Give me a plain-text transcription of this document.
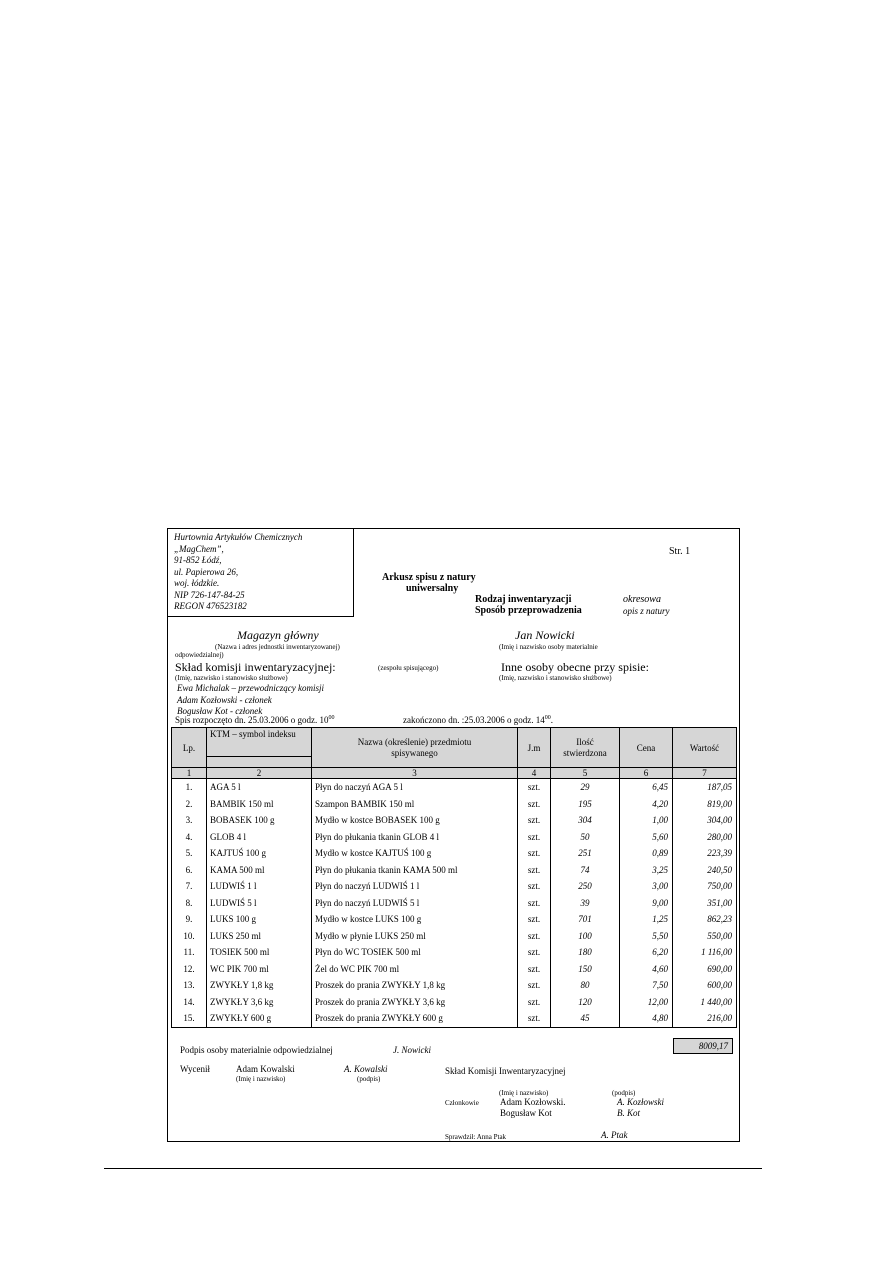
Hurtownia Artykułów Chemicznych
„MagChem”,
91-852 Łódź,
ul. Papierowa 26,
woj. łódzkie.
NIP 726-147-84-25
REGON 476523182
Str. 1
Arkusz spisu z natury
uniwersalny
Rodzaj inwentaryzacji	okresowa
Sposób przeprowadzenia	opis z natury
Magazyn główny
(Nazwa i adres jednostki inwentaryzowanej)
odpowiedzialnej)
Jan Nowicki
(Imię i nazwisko osoby materialnie
Skład komisji inwentaryzacyjnej:	(zespołu spisującego)
(Imię, nazwisko i stanowisko służbowe)
Inne osoby obecne przy spisie:
(Imię, nazwisko i stanowisko służbowe)
Ewa Michalak – przewodniczący komisji
Adam Kozłowski - członek
Bogusław Kot - członek
Spis rozpoczęto dn. 25.03.2006 o godz. $10^{00}$	zakończono dn. :25.03.2006 o godz. $14^{00}$.
Lp.	KTM – symbol indeksu	Nazwa (określenie) przedmiotu spisywanego	J.m	Ilość stwierdzona	Cena	Wartość

1	2	3	4	5	6	7
1.	AGA 5 l	Płyn do naczyń AGA 5 l	szt.	29	6,45	187,05
2.	BAMBIK 150 ml	Szampon BAMBIK 150 ml	szt.	195	4,20	819,00
3.	BOBASEK 100 g	Mydło w kostce BOBASEK 100 g	szt.	304	1,00	304,00
4.	GLOB 4 l	Płyn do płukania tkanin GLOB 4 l	szt.	50	5,60	280,00
5.	KAJTUŚ 100 g	Mydło w kostce KAJTUŚ 100 g	szt.	251	0,89	223,39
6.	KAMA 500 ml	Płyn do płukania tkanin KAMA 500 ml	szt.	74	3,25	240,50
7.	LUDWIŚ 1 l	Płyn do naczyń LUDWIŚ 1 l	szt.	250	3,00	750,00
8.	LUDWIŚ 5 l	Płyn do naczyń LUDWIŚ 5 l	szt.	39	9,00	351,00
9.	LUKS 100 g	Mydło w kostce LUKS 100 g	szt.	701	1,25	862,23
10.	LUKS 250 ml	Mydło w płynie LUKS 250 ml	szt.	100	5,50	550,00
11.	TOSIEK 500 ml	Płyn do WC TOSIEK 500 ml	szt.	180	6,20	1 116,00
12.	WC PIK 700 ml	Żel do WC PIK 700 ml	szt.	150	4,60	690,00
13.	ZWYKŁY 1,8 kg	Proszek do prania ZWYKŁY 1,8 kg	szt.	80	7,50	600,00
14.	ZWYKŁY 3,6 kg	Proszek do prania ZWYKŁY 3,6 kg	szt.	120	12,00	1 440,00
15.	ZWYKŁY 600 g	Proszek do prania ZWYKŁY 600 g	szt.	45	4,80	216,00
8009,17
Podpis osoby materialnie odpowiedzialnej	J. Nowicki
Wycenił	Adam Kowalski
(Imię i nazwisko)
A. Kowalski
(podpis)
Skład Komisji Inwentaryzacyjnej
(Imię i nazwisko)	(podpis)
Członkowie Adam Kozłowski.	A. Kozłowski
Bogusław Kot	B. Kot
Sprawdził: Anna Ptak	A. Ptak
